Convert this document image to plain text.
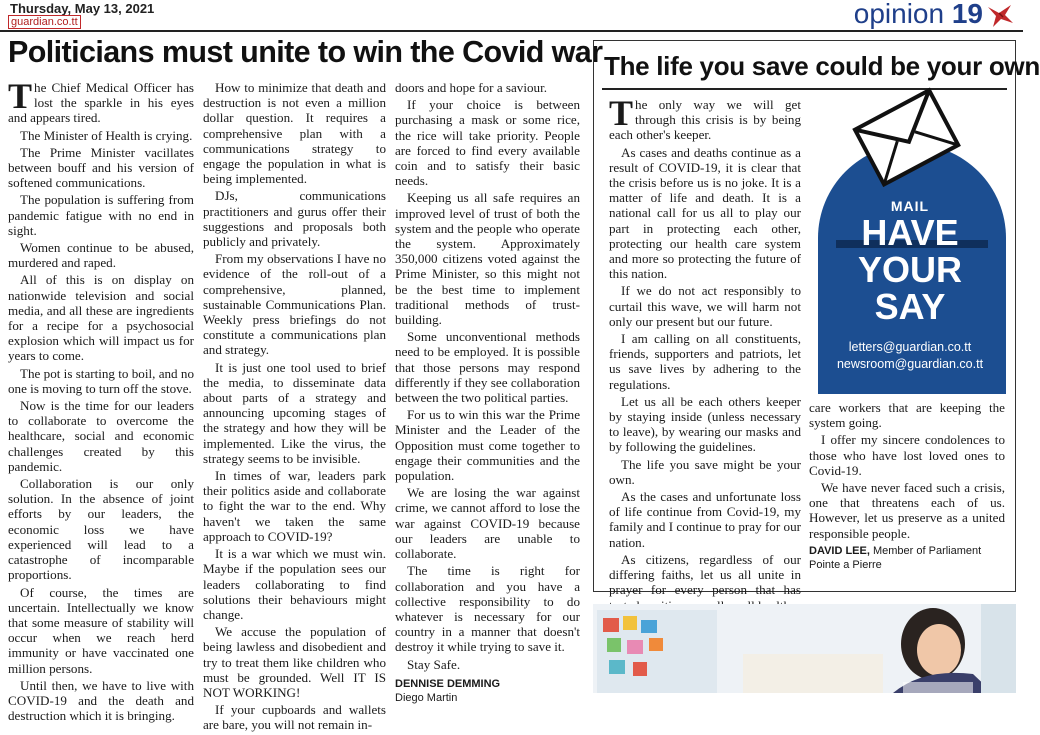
Thursday, May 13, 2021
guardian.co.tt	opinion 19
Politicians must unite to win the Covid war

The Chief Medical Officer has lost the sparkle in his eyes and appears tired.

The Minister of Health is crying.

The Prime Minister vacillates between bouff and his version of softened communications.

The population is suffering from pandemic fatigue with no end in sight.

Women continue to be abused, murdered and raped.

All of this is on display on nationwide television and social media, and all these are ingredients for a recipe for a psychosocial explosion which will impact us for years to come.

The pot is starting to boil, and no one is moving to turn off the stove.

Now is the time for our leaders to collaborate to overcome the healthcare, social and economic challenges created by this pandemic.

Collaboration is our only solution. In the absence of joint efforts by our leaders, the economic loss we have experienced will lead to a catastrophe of incomparable proportions.

Of course, the times are uncertain. Intellectually we know that some measure of stability will occur when we reach herd immunity or have vaccinated one million persons.

Until then, we have to live with COVID-19 and the death and destruction which it is bringing.

How to minimize that death and destruction is not even a million dollar question. It requires a comprehensive plan with a communications strategy to engage the population in what is being implemented.

DJs, communications practitioners and gurus offer their suggestions and proposals both publicly and privately.

From my observations I have no evidence of the roll-out of a comprehensive, planned, sustainable Communications Plan. Weekly press briefings do not constitute a communications plan and strategy.

It is just one tool used to brief the media, to disseminate data about parts of a strategy and announcing upcoming stages of the strategy and how they will be implemented. Like the virus, the strategy seems to be invisible.

In times of war, leaders park their politics aside and collaborate to fight the war to the end. Why haven't we taken the same approach to COVID-19?

It is a war which we must win. Maybe if the population sees our leaders collaborating to find solutions their behaviours might change.

We accuse the population of being lawless and disobedient and try to treat them like children who must be grounded. Well IT IS NOT WORKING!

If your cupboards and wallets are bare, you will not remain in-

doors and hope for a saviour.

If your choice is between purchasing a mask or some rice, the rice will take priority. People are forced to find every available coin and to satisfy their basic needs.

Keeping us all safe requires an improved level of trust of both the system and the people who operate the system. Approximately 350,000 citizens voted against the Prime Minister, so this might not be the best time to implement traditional methods of trust-building.

Some unconventional methods need to be employed. It is possible that those persons may respond differently if they see collaboration between the two political parties.

For us to win this war the Prime Minister and the Leader of the Opposition must come together to engage their communities and the population.

We are losing the war against crime, we cannot afford to lose the war against COVID-19 because our leaders are unable to collaborate.

The time is right for collaboration and you have a collective responsibility to do whatever is necessary for our country in a manner that doesn't destroy it while trying to save it.

Stay Safe.

DENNISE DEMMING

Diego Martin

The life you save could be your own

The only way we will get through this crisis is by being each other's keeper.

As cases and deaths continue as a result of COVID-19, it is clear that the crisis before us is no joke. It is a matter of life and death. It is a national call for us all to play our part in protecting each other, protecting our health care system and more so protecting the future of this nation.

If we do not act responsibly to curtail this wave, we will harm not only our present but our future.

I am calling on all constituents, friends, supporters and patriots, let us save lives by adhering to the regulations.

Let us all be each others keeper by staying inside (unless necessary to leave), by wearing our masks and by following the guidelines.

The life you save might be your own.

As the cases and unfortunate loss of life continue from Covid-19, my family and I continue to pray for our nation.

As citizens, regardless of our differing faiths, let us all unite in prayer for every person that has

MAIL
HAVE
YOUR
SAY
letters@guardian.co.tt
newsroom@guardian.co.tt

care workers that are keeping the system going.

I offer my sincere condolences to those who have lost loved ones to Covid-19.

We have never faced such a crisis, one that threatens each of us. However, let us preserve as a united responsible people.

DAVID LEE, Member of Parliament
Pointe a Pierre
